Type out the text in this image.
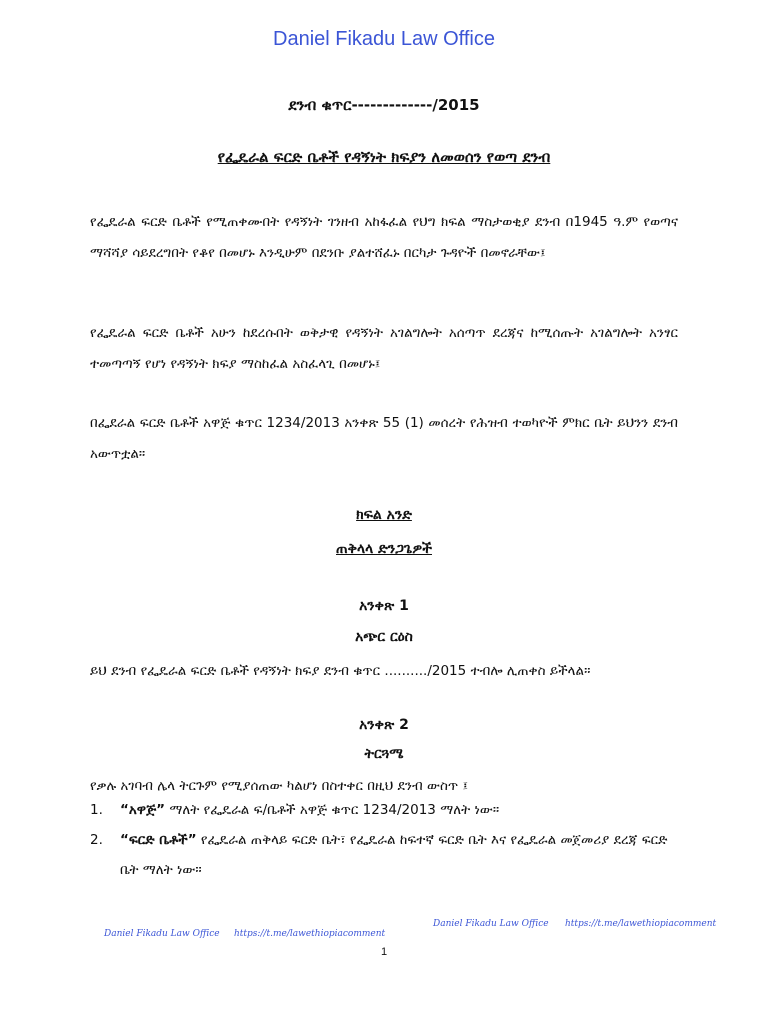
Daniel Fikadu Law Office
ደንብ ቁጥር-------------/2015
የፌዴራል ፍርድ ቤቶች የዳኝነት ክፍያን ለመወሰን የወጣ ደንብ
የፌዴራል ፍርድ ቤቶች የሚጠቀሙበት የዳኝነት ገንዘብ አከፋፈል የህግ ክፍል ማስታወቂያ ደንብ በ1945 ዓ.ም የወጣና ማሻሻያ ሳይደረግበት የቆየ በመሆኑ እንዲሁም በደንቡ ያልተሸፈኑ በርካታ ጉዳዮች በመኖራቸው፤
የፌዴራል ፍርድ ቤቶች አሁን ከደረሱበት ወቅታዊ የዳኝነት አገልግሎት አሰጣጥ ደረጃና ከሚሰጡት አገልግሎት አንፃር ተመጣጣኝ የሆነ የዳኝነት ክፍያ ማስከፈል አስፈላጊ በመሆኑ፤
በፌደራል ፍርድ ቤቶች አዋጅ ቁጥር 1234/2013 አንቀጽ 55 (1) መሰረት የሕዝብ ተወካዮች ምክር ቤት ይህንን ደንብ አውጥቷል።
ክፍል አንድ
ጠቅላላ ድንጋጌዎች
አንቀጽ 1
አጭር ርዕስ
ይህ ደንብ የፌዴራል ፍርድ ቤቶች የዳኝነት ክፍያ ደንብ ቁጥር ........../2015 ተብሎ ሊጠቀስ ይችላል።
አንቀጽ 2
ትርጓሜ
የቃሉ አገባብ ሌላ ትርጉም የሚያሰጠው ካልሆነ በስተቀር በዚህ ደንብ ውስጥ ፤
1. “አዋጅ” ማለት የፌዴራል ፍ/ቤቶች አዋጅ ቁጥር 1234/2013 ማለት ነው።
2. “ፍርድ ቤቶች” የፌዴራል ጠቅላይ ፍርድ ቤት፣ የፌዴራል ከፍተኛ ፍርድ ቤት እና የፌዴራል መጀመሪያ ደረጃ ፍርድ ቤት ማለት ነው።
Daniel Fikadu Law Office https://t.me/lawethiopiacomment
Daniel Fikadu Law Office https://t.me/lawethiopiacomment
1
